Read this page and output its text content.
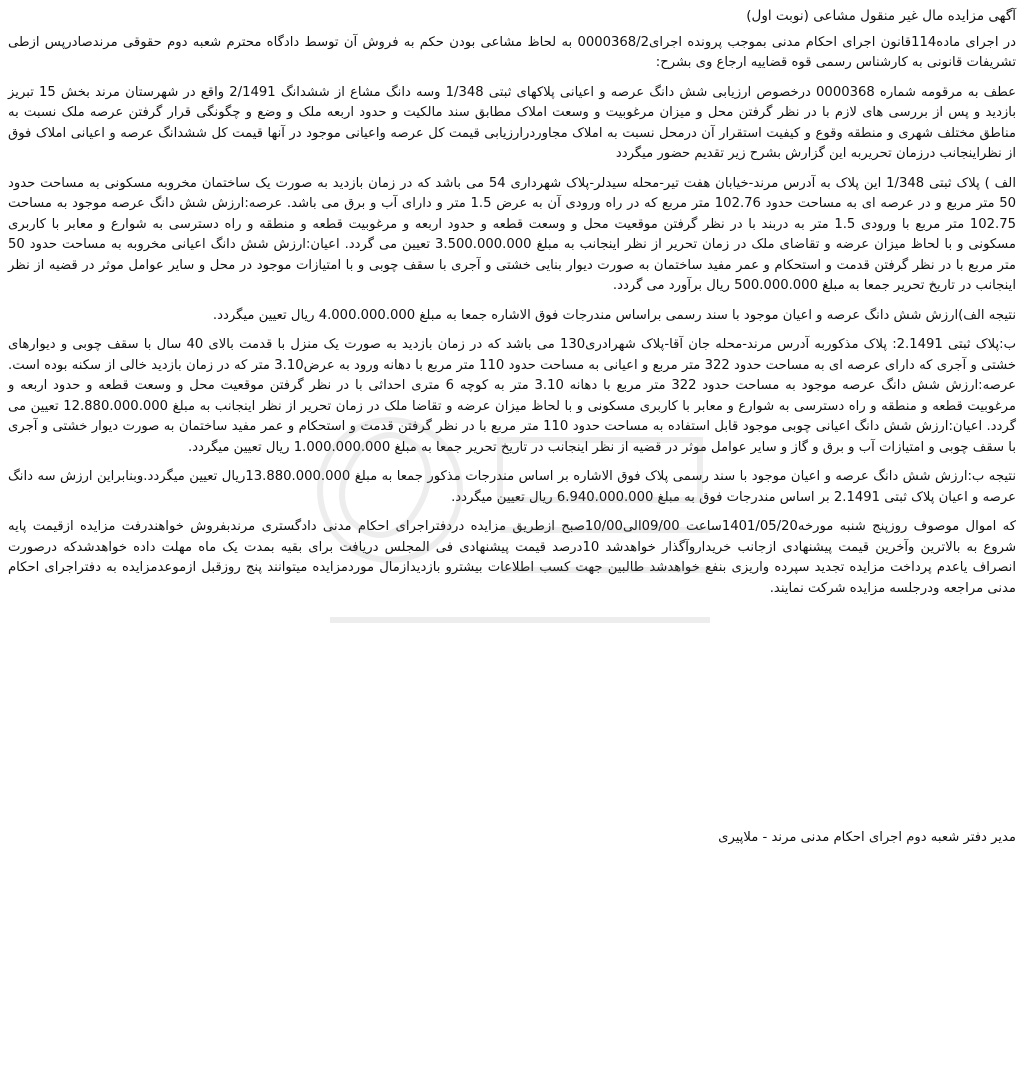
آگهی مزایده مال غیر منقول مشاعی (نوبت اول)

در اجرای ماده114قانون اجرای احکام مدنی بموجب پرونده اجرای0000368/2 به لحاظ مشاعی بودن حکم به فروش آن توسط دادگاه محترم شعبه دوم حقوقی مرندصادرپس ازطی تشریفات قانونی به کارشناس رسمی قوه قضاییه ارجاع وی بشرح:

عطف به مرقومه شماره 0000368 درخصوص ارزیابی شش دانگ عرصه و اعیانی پلاکهای ثبتی 1/348 وسه دانگ مشاع از ششدانگ 2/1491 واقع در شهرستان مرند بخش 15 تبریز بازدید و پس از بررسی های لازم با در نظر گرفتن محل و میزان مرغوبیت و وسعت املاک مطابق سند مالکیت و حدود اربعه ملک و وضع و چگونگی قرار گرفتن عرصه ملک نسبت به مناطق مختلف شهری و منطقه وقوع و کیفیت استقرار آن درمحل نسبت به املاک مجاوردرارزیابی قیمت کل عرصه واعیانی موجود در آنها قیمت کل ششدانگ عرصه و اعیانی املاک فوق از نظراینجانب درزمان تحریربه این گزارش بشرح زیر تقدیم حضور میگردد

الف ) پلاک ثبتی 1/348 این پلاک به آدرس مرند-خیابان هفت تیر-محله سیدلر-پلاک شهرداری 54 می باشد که در زمان بازدید به صورت یک ساختمان مخروبه مسکونی به مساحت حدود 50 متر مربع و در عرصه ای به مساحت حدود 102.76 متر مربع که در راه ورودی آن به عرض 1.5 متر و دارای آب و برق می باشد. عرصه:ارزش شش دانگ عرصه موجود به مساحت 102.75 متر مربع با ورودی 1.5 متر به دربند با در نظر گرفتن موقعیت محل و وسعت قطعه و حدود اربعه و مرغوبیت قطعه و منطقه و راه دسترسی به شوارع و معابر با کاربری مسکونی و با لحاظ میزان عرضه و تقاضای ملک در زمان تحریر از نظر اینجانب به مبلغ 3.500.000.000 تعیین می گردد. اعیان:ارزش شش دانگ اعیانی مخروبه به مساحت حدود 50 متر مربع با در نظر گرفتن قدمت و استحکام و عمر مفید ساختمان به صورت دیوار بنایی خشتی و آجری با سقف چوبی و با امتیازات موجود در محل و سایر عوامل موثر در قضیه از نظر اینجانب در تاریخ تحریر جمعا به مبلغ 500.000.000 ریال برآورد می گردد.

نتیجه الف)ارزش شش دانگ عرصه و اعیان موجود با سند رسمی براساس مندرجات فوق الاشاره جمعا به مبلغ 4.000.000.000 ریال تعیین میگردد.

ب:پلاک ثبتی 2.1491: پلاک مذکوربه آدرس مرند-محله جان آقا-پلاک شهرادری130 می باشد که در زمان بازدید به صورت یک منزل با قدمت بالای 40 سال با سقف چوبی و دیوارهای خشتی و آجری که دارای عرصه ای به مساحت حدود 322 متر مربع و اعیانی به مساحت حدود 110 متر مربع با دهانه ورود به عرض3.10 متر که در زمان بازدید خالی از سکنه بوده است. عرصه:ارزش شش دانگ عرصه موجود به مساحت حدود 322 متر مربع با دهانه 3.10 متر به کوچه 6 متری احداثی با در نظر گرفتن موقعیت محل و وسعت قطعه و حدود اربعه و مرغوبیت قطعه و منطقه و راه دسترسی به شوارع و معابر با کاربری مسکونی و با لحاظ میزان عرضه و تقاضا ملک در زمان تحریر از نظر اینجانب به مبلغ 12.880.000.000 تعیین می گردد. اعیان:ارزش شش دانگ اعیانی چوبی موجود قابل استفاده به مساحت حدود 110 متر مربع با در نظر گرفتن قدمت و استحکام و عمر مفید ساختمان به صورت دیوار خشتی و آجری با سقف چوبی و امتیازات آب و برق و گاز و سایر عوامل موثر در قضیه از نظر اینجانب در تاریخ تحریر جمعا به مبلغ 1.000.000.000 ریال تعیین میگردد.

نتیجه ب:ارزش شش دانگ عرصه و اعیان موجود با سند رسمی پلاک فوق الاشاره بر اساس مندرجات مذکور جمعا به مبلغ 13.880.000.000ریال تعیین میگردد.وبنابراین ارزش سه دانگ عرصه و اعیان پلاک ثبتی 2.1491 بر اساس مندرجات فوق به مبلغ 6.940.000.000 ریال تعیین میگردد.

که اموال موصوف روزپنج شنبه مورخه1401/05/20ساعت 09/00الی10/00صبح ازطریق مزایده دردفتراجرای احکام مدنی دادگستری مرندبفروش خواهندرفت مزایده ازقیمت پایه شروع به بالاترین وآخرین قیمت پیشنهادی ازجانب خریداروآگذار خواهدشد 10درصد قیمت پیشنهادی فی المجلس دریافت برای بقیه بمدت یک ماه مهلت داده خواهدشدکه درصورت انصراف یاعدم پرداخت مزایده تجدید سپرده واریزی بنفع خواهدشد طالبین جهت کسب اطلاعات بیشترو بازدیدازمال موردمزایده میتوانند پنج روزقبل ازموعدمزایده به دفتراجرای احکام مدنی مراجعه ودرجلسه مزایده شرکت نمایند.

مدیر دفتر شعبه دوم اجرای احکام مدنی مرند - ملاپیری
